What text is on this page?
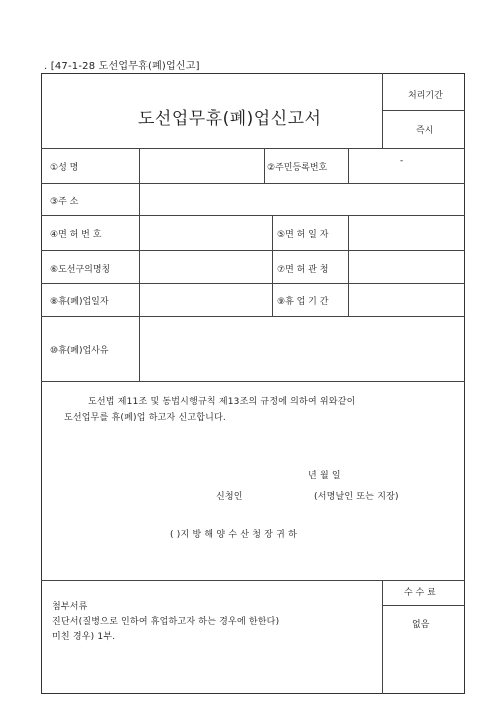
. [47-1-28 도선업무휴(폐)업신고]
도선업무휴(폐)업신고서
처리기간
즉시
①성 명	②주민등록번호
-
③주 소
④면 허 번 호	⑤면 허 일 자
⑥도선구의명칭	⑦면 허 관 청
⑧휴(폐)업일자	⑨휴 업 기 간
⑩휴(폐)업사유
도선법 제11조 및 동법시행규칙 제13조의 규정에 의하여 위와같이
도선업무를 휴(폐)업 하고자 신고합니다.
년 월 일
신청인	(서명날인 또는 지장)
( )지 방 해 양 수 산 청 장 귀 하
첨부서류
진단서(질병으로 인하여 휴업하고자 하는 경우에 한한다)
미친 경우) 1부.
수 수 료
없음
